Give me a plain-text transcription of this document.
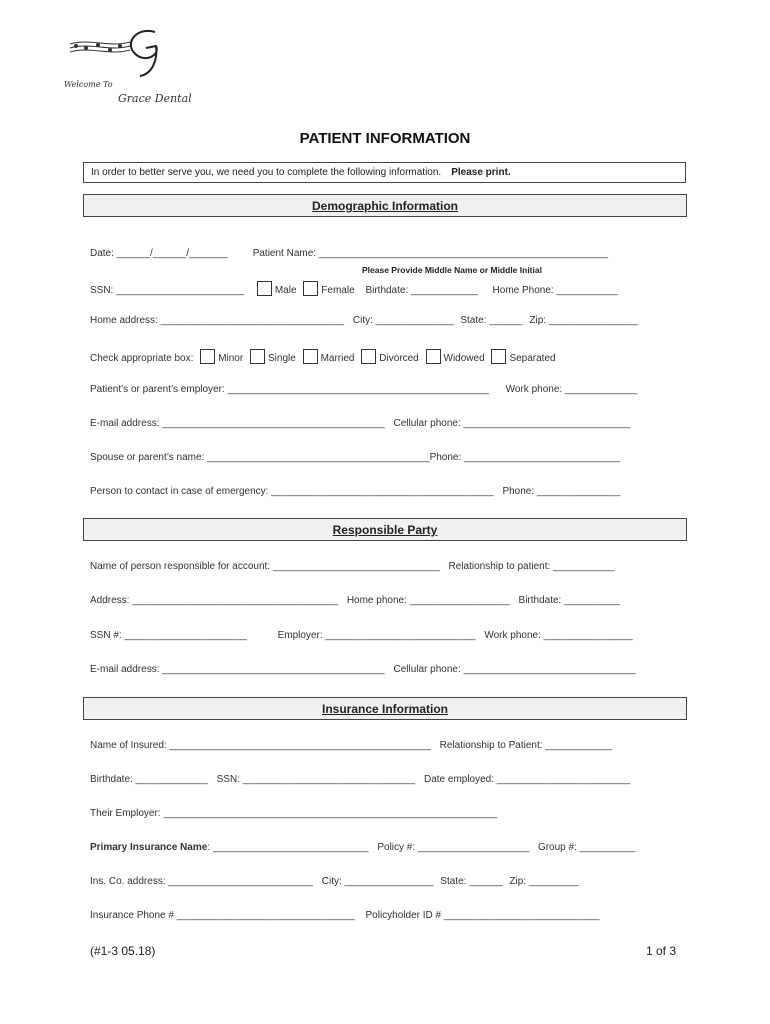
Welcome To
Grace Dental
PATIENT INFORMATION
In order to better serve you, we need you to complete the following information. Please print.
Demographic Information
Date: ______/______/_______ Patient Name: ____________________________________________________
Please Provide Middle Name or Middle Initial
SSN: _______________________	Male Female Birthdate: ____________ Home Phone: ___________
Home address: _________________________________ City: ______________ State: ______ Zip: ________________
Check appropriate box: Minor Single Married Divorced Widowed Separated
Patient’s or parent’s employer: _______________________________________________ Work phone: _____________
E-mail address: ________________________________________ Cellular phone: ______________________________
Spouse or parent’s name: ________________________________________Phone: ____________________________
Person to contact in case of emergency: ________________________________________ Phone: _______________
Responsible Party
Name of person responsible for account: ______________________________ Relationship to patient: ___________
Address: _____________________________________ Home phone: __________________ Birthdate: __________
SSN #: ______________________	Employer: ___________________________ Work phone: ________________
E-mail address: ________________________________________ Cellular phone: _______________________________
Insurance Information
Name of Insured: _______________________________________________ Relationship to Patient: ____________
Birthdate: _____________ SSN: _______________________________ Date employed: ________________________
Their Employer: ____________________________________________________________
Primary Insurance Name: ____________________________ Policy #: ____________________ Group #: __________
Ins. Co. address: __________________________ City: ________________ State: ______ Zip: _________
Insurance Phone # ________________________________ Policyholder ID # ____________________________
(#1-3 05.18)	1 of 3
